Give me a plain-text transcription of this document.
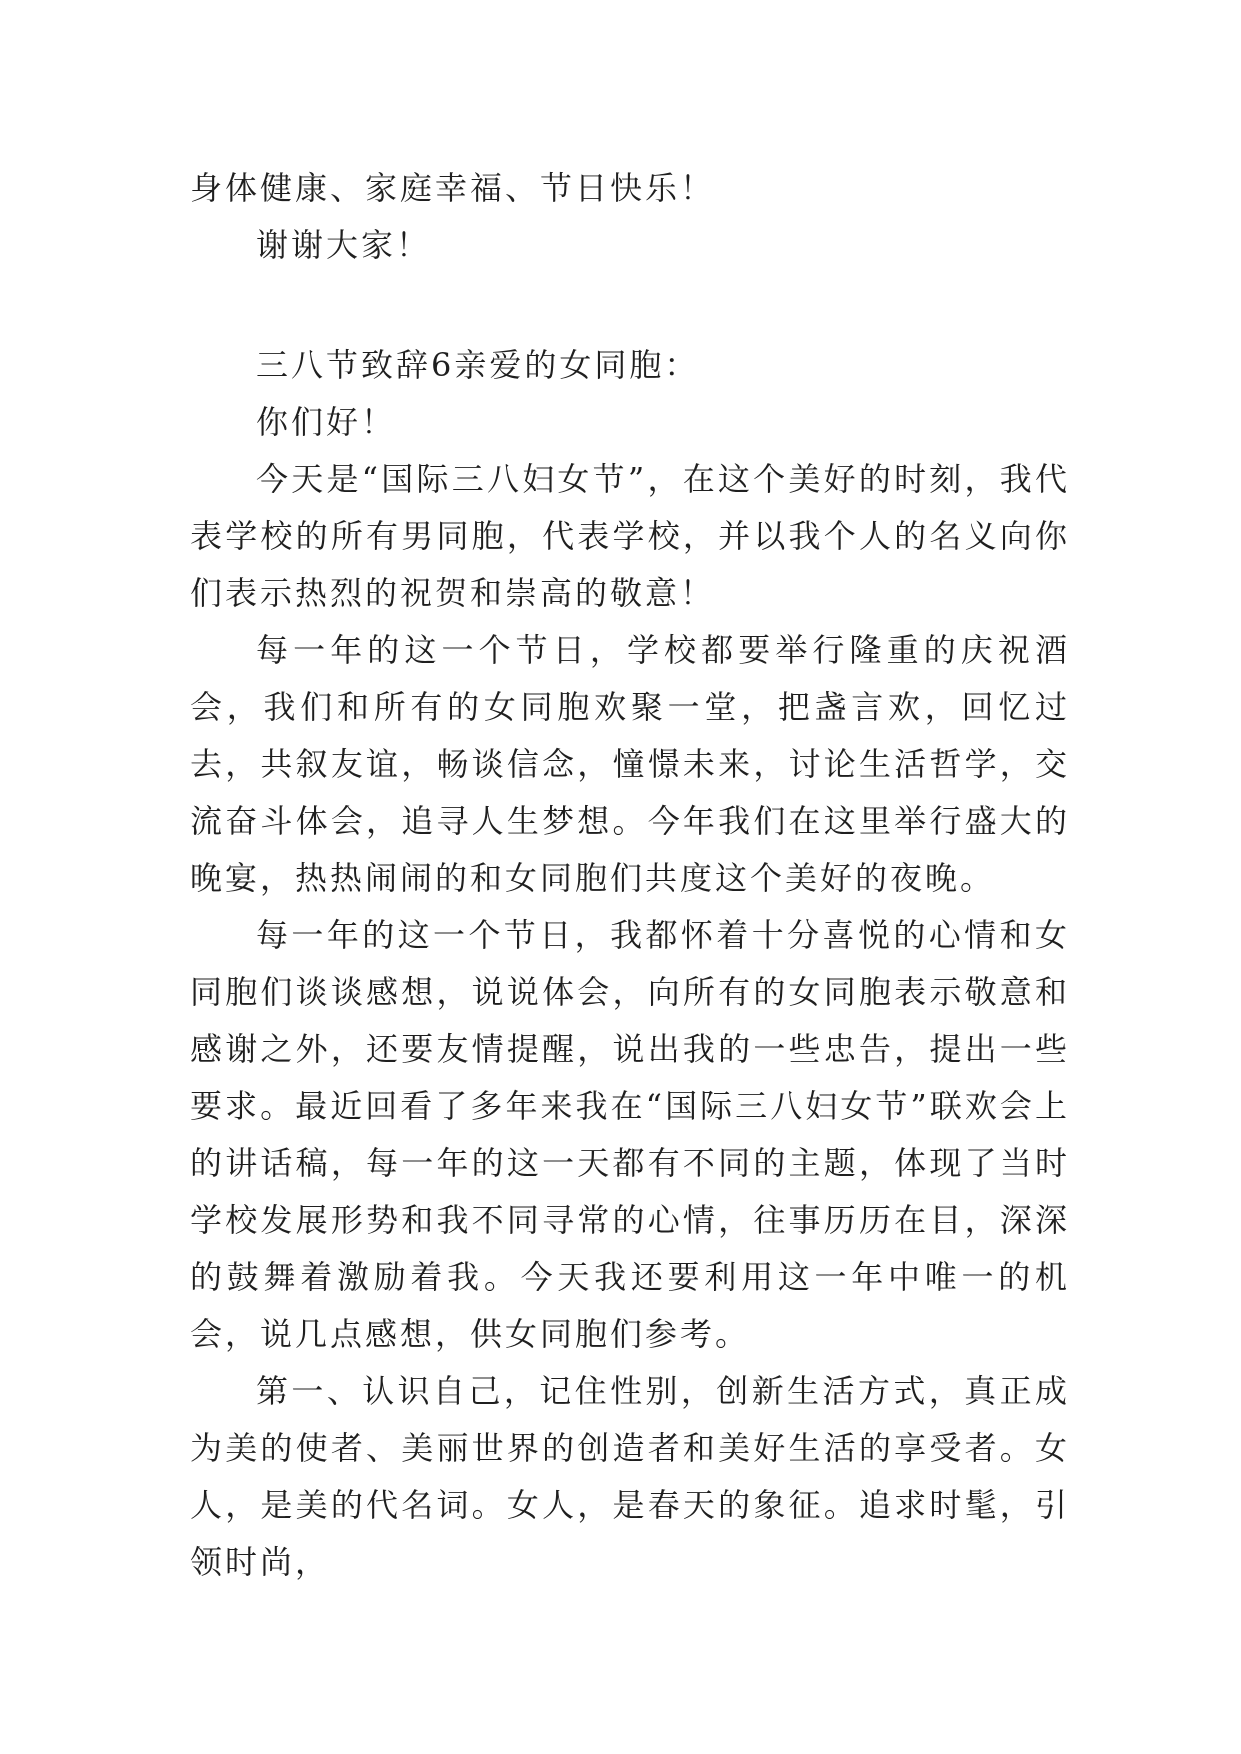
身体健康、家庭幸福、节日快乐！

谢谢大家！

三八节致辞6亲爱的女同胞：

你们好！

今天是“国际三八妇女节”，在这个美好的时刻，我代表学校的所有男同胞，代表学校，并以我个人的名义向你们表示热烈的祝贺和崇高的敬意！

每一年的这一个节日，学校都要举行隆重的庆祝酒会，我们和所有的女同胞欢聚一堂，把盏言欢，回忆过去，共叙友谊，畅谈信念，憧憬未来，讨论生活哲学，交流奋斗体会，追寻人生梦想。今年我们在这里举行盛大的晚宴，热热闹闹的和女同胞们共度这个美好的夜晚。

每一年的这一个节日，我都怀着十分喜悦的心情和女同胞们谈谈感想，说说体会，向所有的女同胞表示敬意和感谢之外，还要友情提醒，说出我的一些忠告，提出一些要求。最近回看了多年来我在“国际三八妇女节”联欢会上的讲话稿，每一年的这一天都有不同的主题，体现了当时学校发展形势和我不同寻常的心情，往事历历在目，深深的鼓舞着激励着我。今天我还要利用这一年中唯一的机会，说几点感想，供女同胞们参考。

第一、认识自己，记住性别，创新生活方式，真正成为美的使者、美丽世界的创造者和美好生活的享受者。女人，是美的代名词。女人，是春天的象征。追求时髦，引领时尚，
